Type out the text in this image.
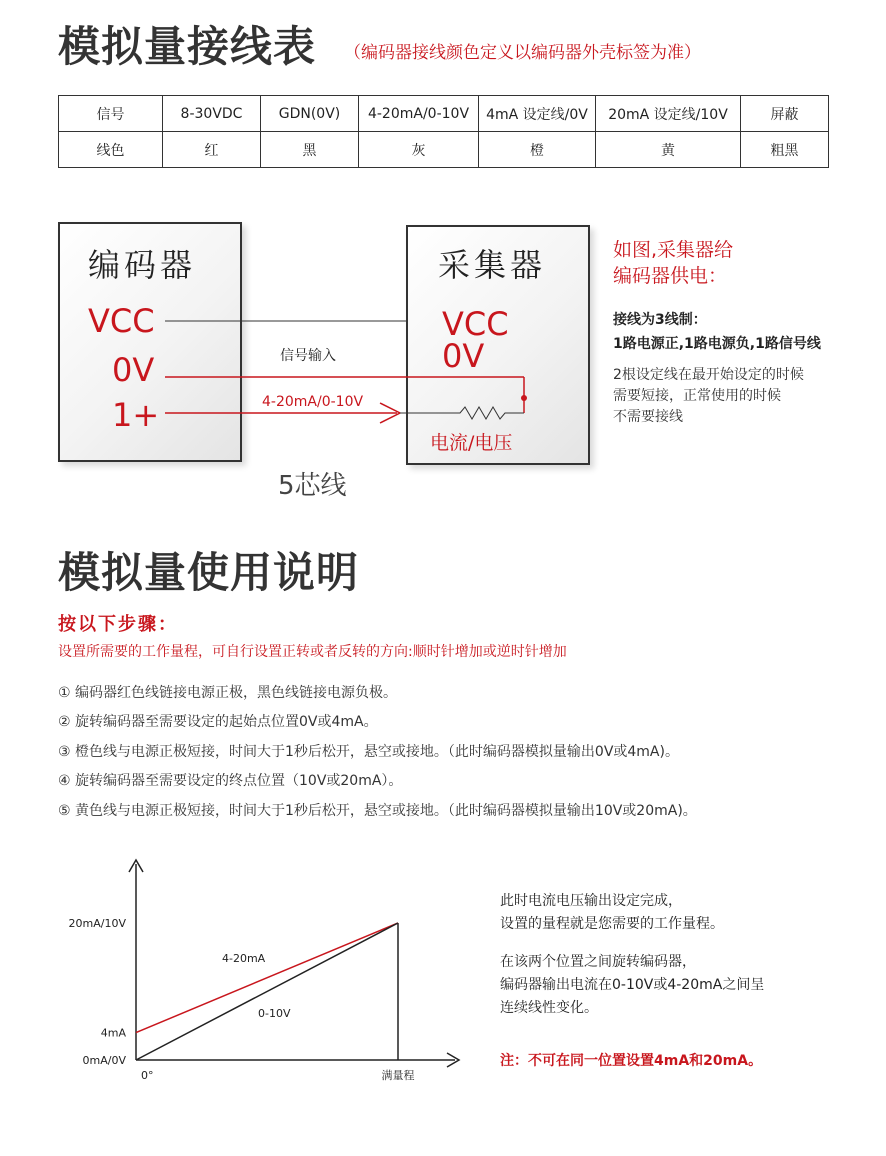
模拟量接线表 （编码器接线颜色定义以编码器外壳标签为准）
信号	8-30VDC	GDN(0V)	4-20mA/0-10V	4mA 设定线/0V	20mA 设定线/10V	屏蔽
线色	红	黑	灰	橙	黄	粗黑
编码器	采集器
VCC
0V
1+
VCC
0V
信号输入
4-20mA/0-10V
电流/电压
5芯线
如图,采集器给
编码器供电：
接线为3线制：
1路电源正,1路电源负,1路信号线
2根设定线在最开始设定的时候
需要短接，正常使用的时候
不需要接线
模拟量使用说明
按以下步骤：
设置所需要的工作量程，可自行设置正转或者反转的方向:顺时针增加或逆时针增加
① 编码器红色线链接电源正极，黑色线链接电源负极。
② 旋转编码器至需要设定的起始点位置0V或4mA。
③ 橙色线与电源正极短接，时间大于1秒后松开，悬空或接地。（此时编码器模拟量输出0V或4mA)。
④ 旋转编码器至需要设定的终点位置（10V或20mA）。
⑤ 黄色线与电源正极短接，时间大于1秒后松开，悬空或接地。（此时编码器模拟量输出10V或20mA)。
0mA/0V
4mA
20mA/10V
0°	满量程
4-20mA
0-10V
此时电流电压输出设定完成，
设置的量程就是您需要的工作量程。
在该两个位置之间旋转编码器，
编码器输出电流在0-10V或4-20mA之间呈
连续线性变化。
注：不可在同一位置设置4mA和20mA。
